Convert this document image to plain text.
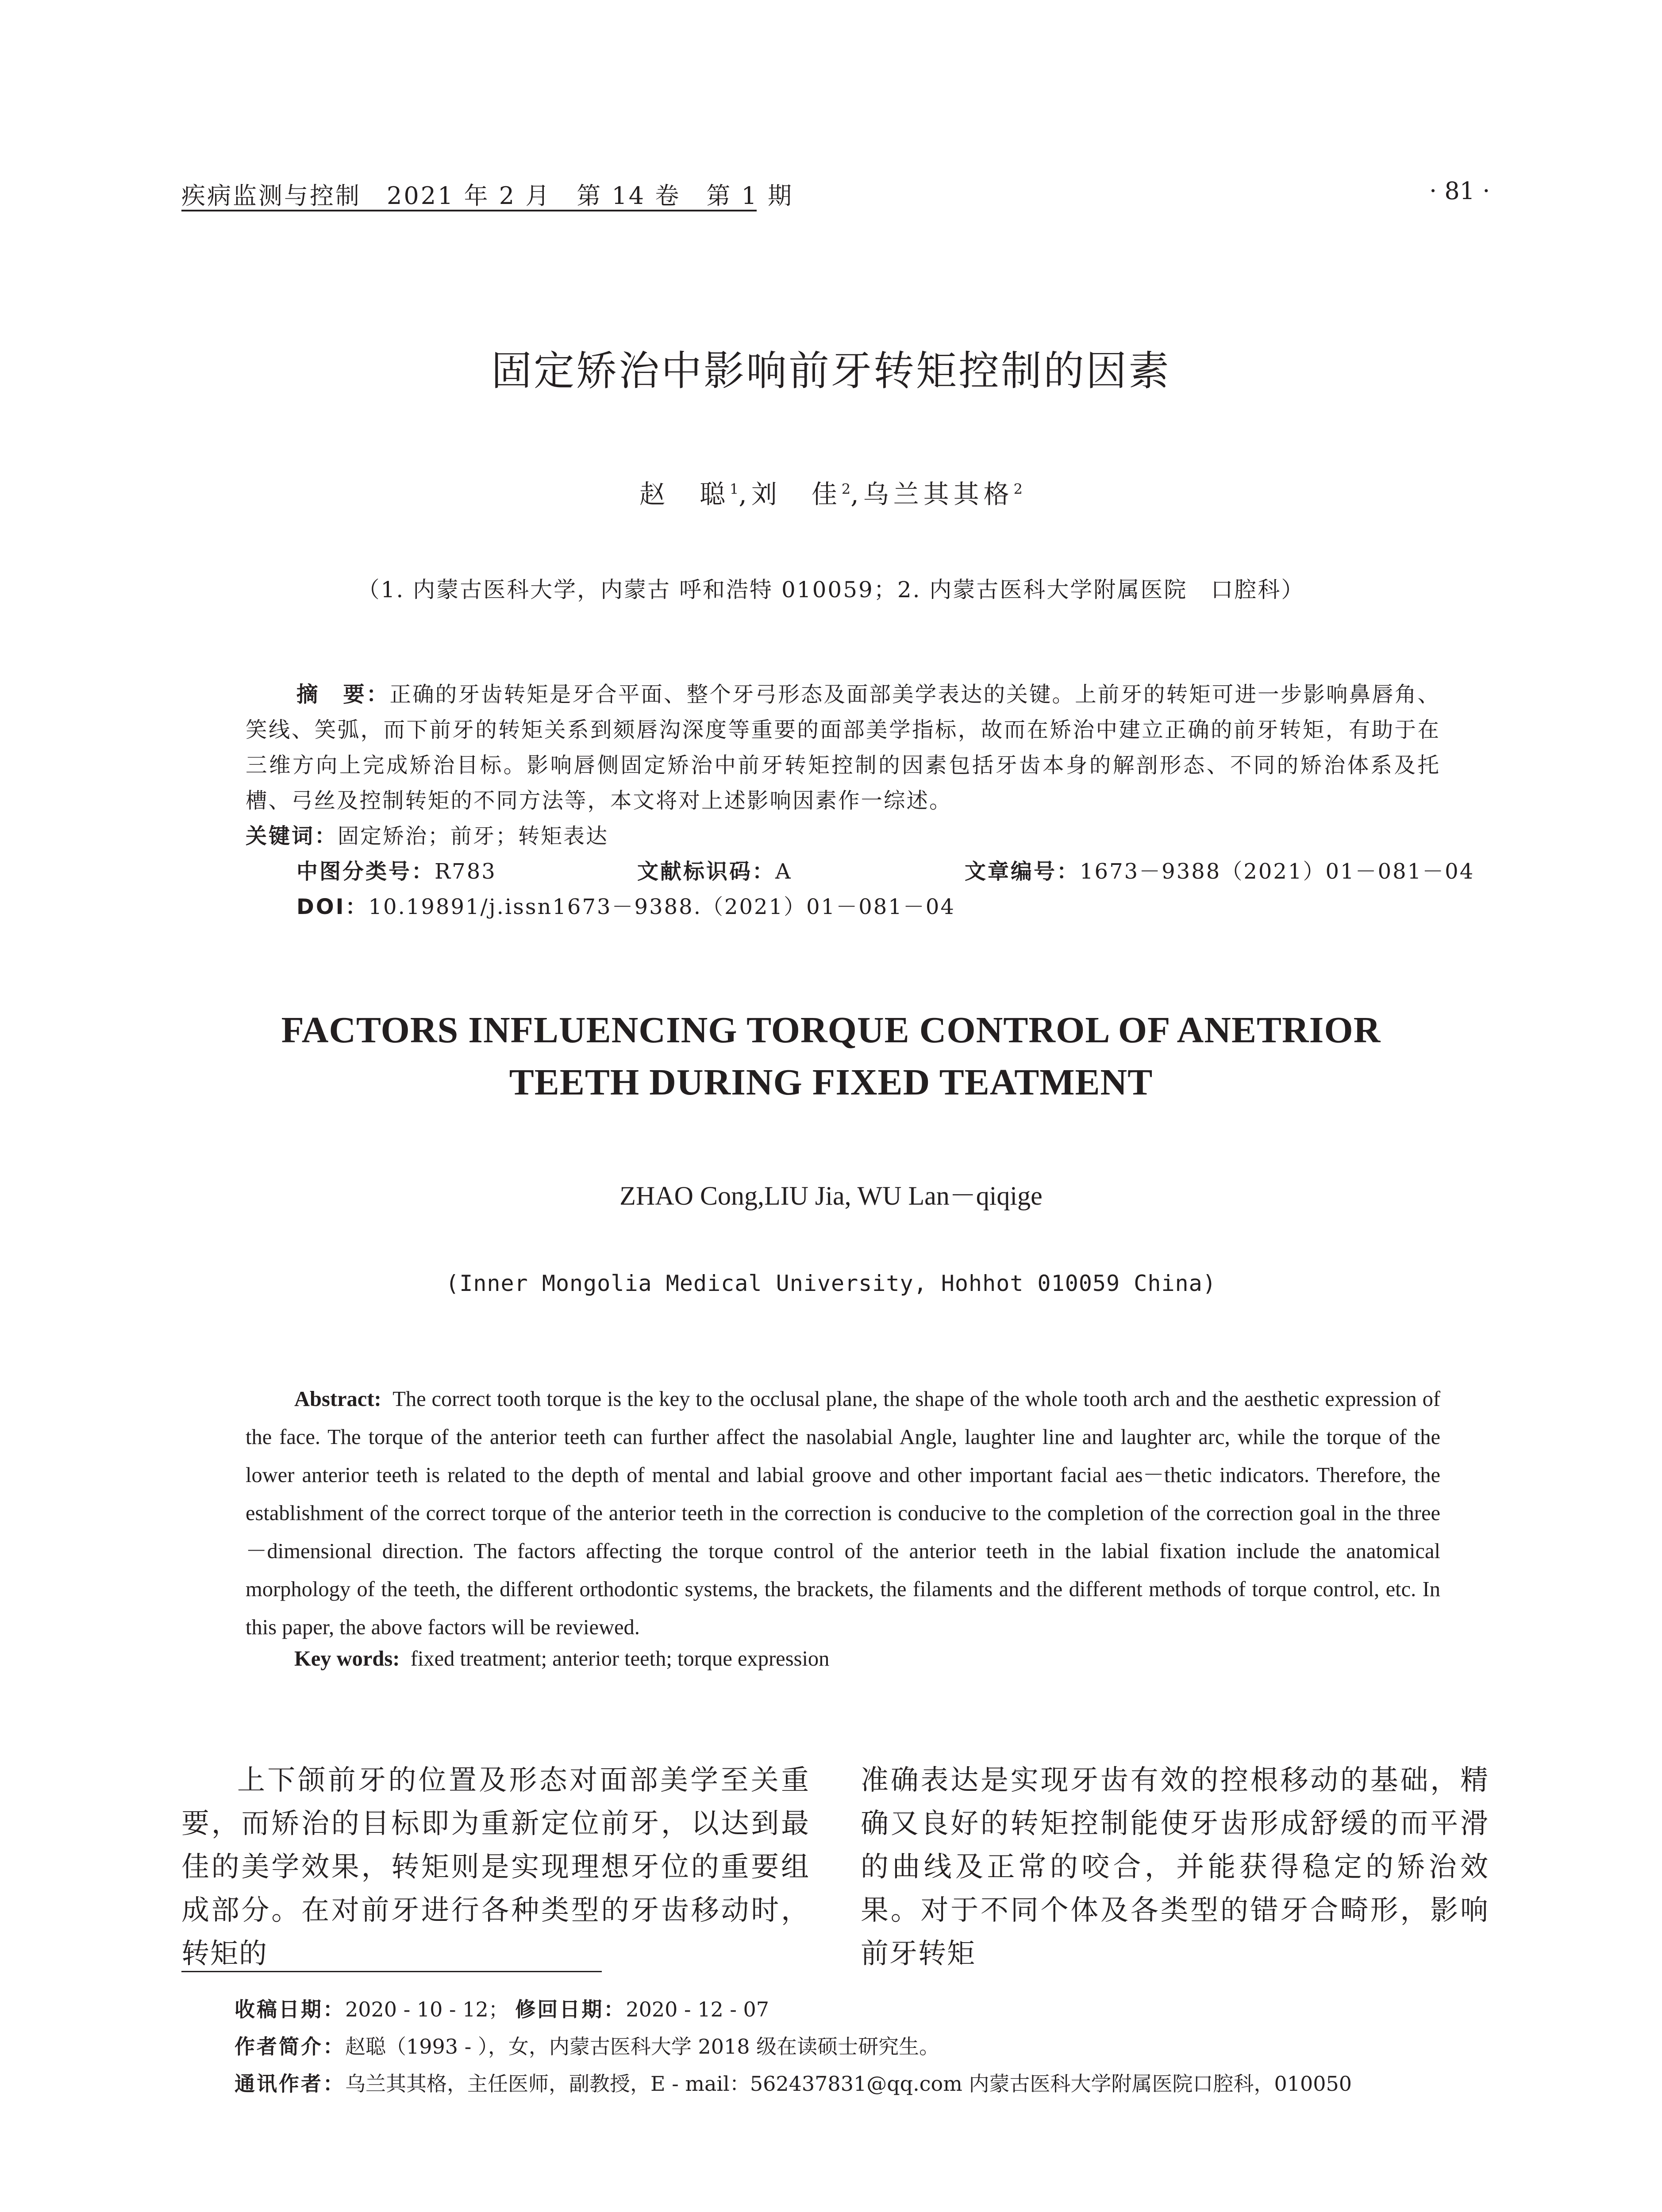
疾病监测与控制　2021 年 2 月　第 14 卷　第 1 期	· 81 ·
固定矫治中影响前牙转矩控制的因素
赵　聪$^1$,刘　佳$^2$,乌兰其其格$^2$
（1. 内蒙古医科大学，内蒙古 呼和浩特 010059；2. 内蒙古医科大学附属医院　口腔科）
摘　要：正确的牙齿转矩是牙合平面、整个牙弓形态及面部美学表达的关键。上前牙的转矩可进一步影响鼻唇角、笑线、笑弧，而下前牙的转矩关系到颏唇沟深度等重要的面部美学指标，故而在矫治中建立正确的前牙转矩，有助于在三维方向上完成矫治目标。影响唇侧固定矫治中前牙转矩控制的因素包括牙齿本身的解剖形态、不同的矫治体系及托槽、弓丝及控制转矩的不同方法等，本文将对上述影响因素作一综述。
关键词：固定矫治；前牙；转矩表达
中图分类号：R783	文献标识码：A	文章编号：1673－9388（2021）01－081－04
DOI：10.19891/j.issn1673－9388.（2021）01－081－04
FACTORS INFLUENCING TORQUE CONTROL OF ANETRIOR
TEETH DURING FIXED TEATMENT
ZHAO Cong,LIU Jia, WU Lan－qiqige
(Inner Mongolia Medical University, Hohhot 010059 China)
Abstract: The correct tooth torque is the key to the occlusal plane, the shape of the whole tooth arch and the aesthetic expression of the face. The torque of the anterior teeth can further affect the nasolabial Angle, laughter line and laughter arc, while the torque of the lower anterior teeth is related to the depth of mental and labial groove and other important facial aes－thetic indicators. Therefore, the establishment of the correct torque of the anterior teeth in the correction is conducive to the completion of the correction goal in the three－dimensional direction. The factors affecting the torque control of the anterior teeth in the labial fixation include the anatomical morphology of the teeth, the different orthodontic systems, the brackets, the filaments and the different methods of torque control, etc. In this paper, the above factors will be reviewed.
Key words: fixed treatment; anterior teeth; torque expression
上下颌前牙的位置及形态对面部美学至关重要，而矫治的目标即为重新定位前牙，以达到最佳的美学效果，转矩则是实现理想牙位的重要组成部分。在对前牙进行各种类型的牙齿移动时，转矩的
准确表达是实现牙齿有效的控根移动的基础，精确又良好的转矩控制能使牙齿形成舒缓的而平滑的曲线及正常的咬合，并能获得稳定的矫治效果。对于不同个体及各类型的错牙合畸形，影响前牙转矩
收稿日期：2020 - 10 - 12； 修回日期：2020 - 12 - 07
作者简介：赵聪（1993 - ），女，内蒙古医科大学 2018 级在读硕士研究生。
通讯作者：乌兰其其格，主任医师，副教授，E - mail：562437831@qq.com 内蒙古医科大学附属医院口腔科，010050
